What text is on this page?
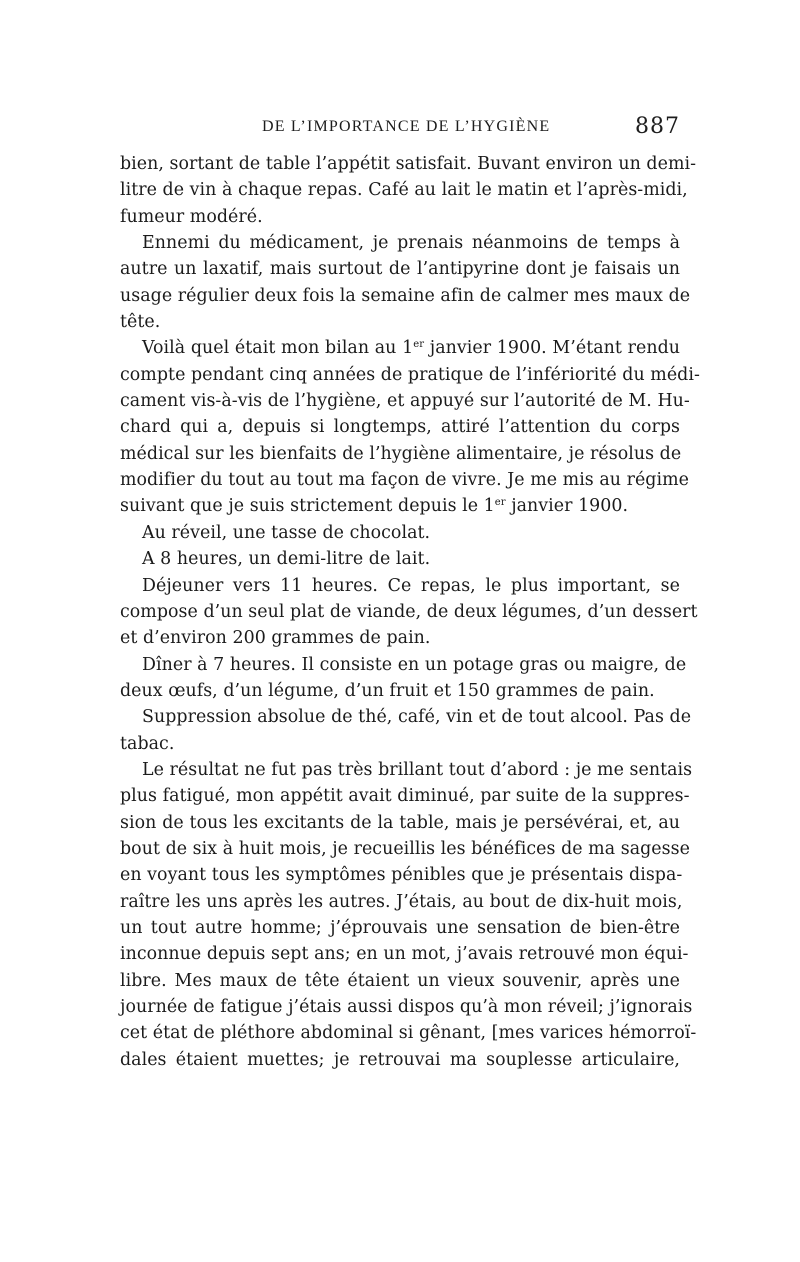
DE L’IMPORTANCE DE L’HYGIÈNE	887
bien, sortant de table l’appétit satisfait. Buvant environ un demi-
litre de vin à chaque repas. Café au lait le matin et l’après-midi,
fumeur modéré.
Ennemi du médicament, je prenais néanmoins de temps à
autre un laxatif, mais surtout de l’antipyrine dont je faisais un
usage régulier deux fois la semaine afin de calmer mes maux de
tête.
Voilà quel était mon bilan au 1er janvier 1900. M’étant rendu
compte pendant cinq années de pratique de l’infériorité du médi-
cament vis-à-vis de l’hygiène, et appuyé sur l’autorité de M. Hu-
chard qui a, depuis si longtemps, attiré l’attention du corps
médical sur les bienfaits de l’hygiène alimentaire, je résolus de
modifier du tout au tout ma façon de vivre. Je me mis au régime
suivant que je suis strictement depuis le 1er janvier 1900.
Au réveil, une tasse de chocolat.
A 8 heures, un demi-litre de lait.
Déjeuner vers 11 heures. Ce repas, le plus important, se
compose d’un seul plat de viande, de deux légumes, d’un dessert
et d’environ 200 grammes de pain.
Dîner à 7 heures. Il consiste en un potage gras ou maigre, de
deux œufs, d’un légume, d’un fruit et 150 grammes de pain.
Suppression absolue de thé, café, vin et de tout alcool. Pas de
tabac.
Le résultat ne fut pas très brillant tout d’abord : je me sentais
plus fatigué, mon appétit avait diminué, par suite de la suppres-
sion de tous les excitants de la table, mais je persévérai, et, au
bout de six à huit mois, je recueillis les bénéfices de ma sagesse
en voyant tous les symptômes pénibles que je présentais dispa-
raître les uns après les autres. J’étais, au bout de dix-huit mois,
un tout autre homme; j’éprouvais une sensation de bien-être
inconnue depuis sept ans; en un mot, j’avais retrouvé mon équi-
libre. Mes maux de tête étaient un vieux souvenir, après une
journée de fatigue j’étais aussi dispos qu’à mon réveil; j’ignorais
cet état de pléthore abdominal si gênant, [mes varices hémorroï-
dales étaient muettes; je retrouvai ma souplesse articulaire,
